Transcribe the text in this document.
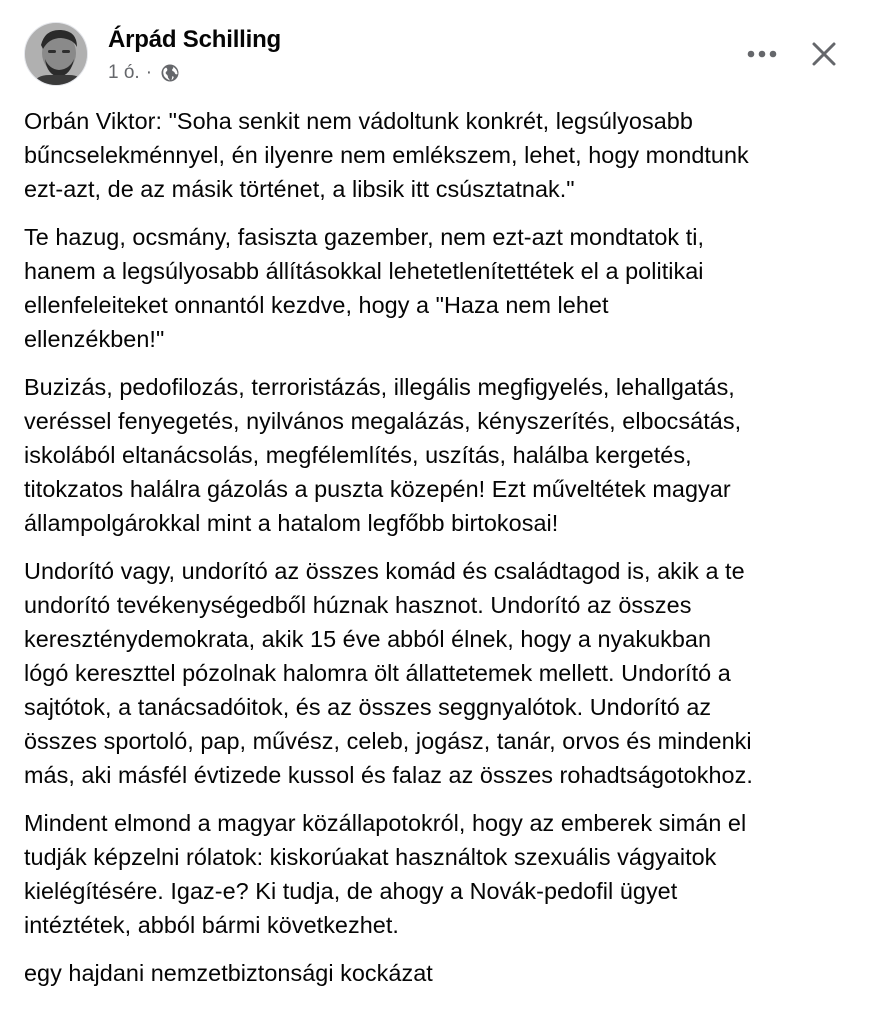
Árpád Schilling
1 ó. ·

Orbán Viktor: "Soha senkit nem vádoltunk konkrét, legsúlyosabb
bűncselekménnyel, én ilyenre nem emlékszem, lehet, hogy mondtunk
ezt-azt, de az másik történet, a libsik itt csúsztatnak."

Te hazug, ocsmány, fasiszta gazember, nem ezt-azt mondtatok ti,
hanem a legsúlyosabb állításokkal lehetetlenítettétek el a politikai
ellenfeleiteket onnantól kezdve, hogy a "Haza nem lehet
ellenzékben!"

Buzizás, pedofilozás, terroristázás, illegális megfigyelés, lehallgatás,
veréssel fenyegetés, nyilvános megalázás, kényszerítés, elbocsátás,
iskolából eltanácsolás, megfélemlítés, uszítás, halálba kergetés,
titokzatos halálra gázolás a puszta közepén! Ezt műveltétek magyar
állampolgárokkal mint a hatalom legfőbb birtokosai!

Undorító vagy, undorító az összes komád és családtagod is, akik a te
undorító tevékenységedből húznak hasznot. Undorító az összes
kereszténydemokrata, akik 15 éve abból élnek, hogy a nyakukban
lógó kereszttel pózolnak halomra ölt állattetemek mellett. Undorító a
sajtótok, a tanácsadóitok, és az összes seggnyalótok. Undorító az
összes sportoló, pap, művész, celeb, jogász, tanár, orvos és mindenki
más, aki másfél évtizede kussol és falaz az összes rohadtságotokhoz.

Mindent elmond a magyar közállapotokról, hogy az emberek simán el
tudják képzelni rólatok: kiskorúakat használtok szexuális vágyaitok
kielégítésére. Igaz-e? Ki tudja, de ahogy a Novák-pedofil ügyet
intéztétek, abból bármi következhet.

egy hajdani nemzetbiztonsági kockázat
